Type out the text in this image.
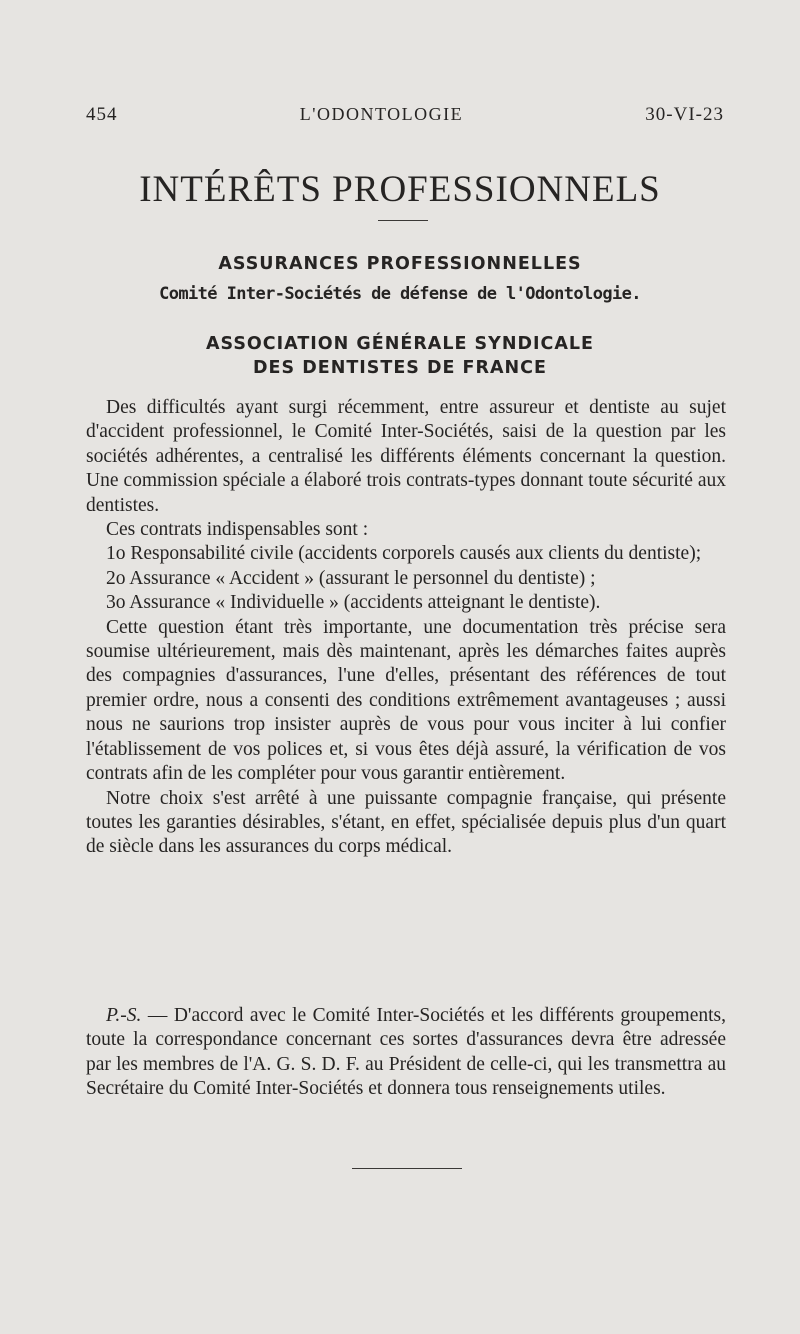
454	L'ODONTOLOGIE	30-VI-23
INTÉRÊTS PROFESSIONNELS
ASSURANCES PROFESSIONNELLES
Comité Inter-Sociétés de défense de l'Odontologie.
ASSOCIATION GÉNÉRALE SYNDICALE
DES DENTISTES DE FRANCE

Des difficultés ayant surgi récemment, entre assureur et dentiste au sujet d'accident professionnel, le Comité Inter-Sociétés, saisi de la question par les sociétés adhérentes, a centralisé les différents éléments concernant la question. Une commission spéciale a élaboré trois contrats-types donnant toute sécurité aux dentistes.

Ces contrats indispensables sont :

1o Responsabilité civile (accidents corporels causés aux clients du dentiste);

2o Assurance « Accident » (assurant le personnel du dentiste) ;

3o Assurance « Individuelle » (accidents atteignant le dentiste).

Cette question étant très importante, une documentation très précise sera soumise ultérieurement, mais dès maintenant, après les démarches faites auprès des compagnies d'assurances, l'une d'elles, présentant des références de tout premier ordre, nous a consenti des conditions extrêmement avantageuses ; aussi nous ne saurions trop insister auprès de vous pour vous inciter à lui confier l'établissement de vos polices et, si vous êtes déjà assuré, la vérification de vos contrats afin de les compléter pour vous garantir entièrement.

Notre choix s'est arrêté à une puissante compagnie française, qui présente toutes les garanties désirables, s'étant, en effet, spécialisée depuis plus d'un quart de siècle dans les assurances du corps médical.

P.-S. — D'accord avec le Comité Inter-Sociétés et les différents groupements, toute la correspondance concernant ces sortes d'assurances devra être adressée par les membres de l'A. G. S. D. F. au Président de celle-ci, qui les transmettra au Secrétaire du Comité Inter-Sociétés et donnera tous renseignements utiles.
